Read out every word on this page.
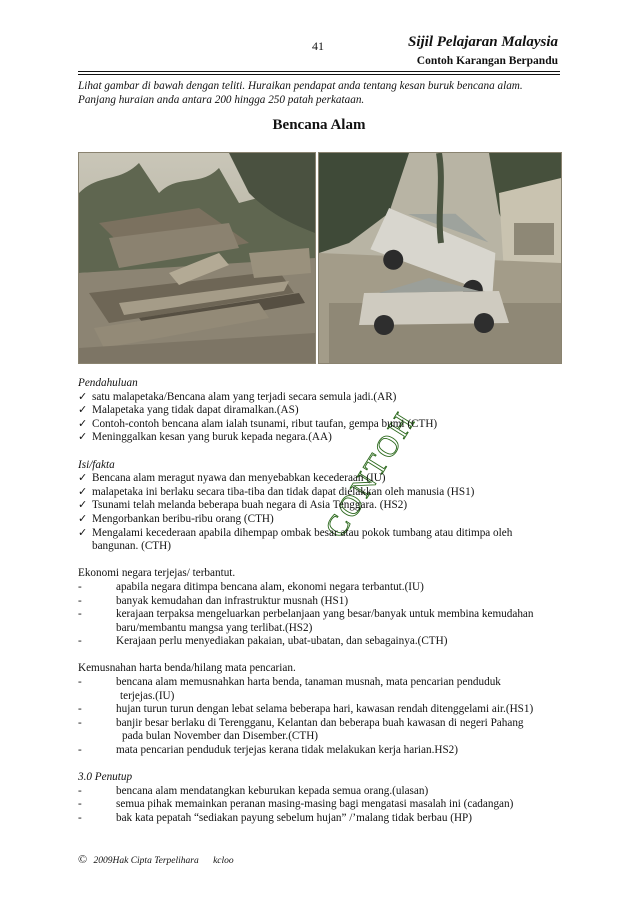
41	Sijil Pelajaran Malaysia
Contoh Karangan Berpandu
Lihat gambar di bawah dengan teliti. Huraikan pendapat anda tentang kesan buruk bencana alam.
Panjang huraian anda antara 200 hingga 250 patah perkataan.
Bencana Alam
CONTOH
Pendahuluan
✓ satu malapetaka/Bencana alam yang terjadi secara semula jadi.(AR)
✓ Malapetaka yang tidak dapat diramalkan.(AS)
✓ Contoh-contoh bencana alam ialah tsunami, ribut taufan, gempa bumi (CTH)
✓ Meninggalkan kesan yang buruk kepada negara.(AA)
Isi/fakta
✓ Bencana alam meragut nyawa dan menyebabkan kecederaan (IU)
✓ malapetaka ini berlaku secara tiba-tiba dan tidak dapat dielakkan oleh manusia (HS1)
✓ Tsunami telah melanda beberapa buah negara di Asia Tenggara. (HS2)
✓ Mengorbankan beribu-ribu orang (CTH)
✓ Mengalami kecederaan apabila dihempap ombak besar atau pokok tumbang atau ditimpa oleh
bangunan. (CTH)
Ekonomi negara terjejas/ terbantut.
-	apabila negara ditimpa bencana alam, ekonomi negara terbantut.(IU)
-	banyak kemudahan dan infrastruktur musnah (HS1)
-	kerajaan terpaksa mengeluarkan perbelanjaan yang besar/banyak untuk membina kemudahan
baru/membantu mangsa yang terlibat.(HS2)
-	Kerajaan perlu menyediakan pakaian, ubat-ubatan, dan sebagainya.(CTH)
Kemusnahan harta benda/hilang mata pencarian.
-	bencana alam memusnahkan harta benda, tanaman musnah, mata pencarian penduduk
terjejas.(IU)
-	hujan turun turun dengan lebat selama beberapa hari, kawasan rendah ditenggelami air.(HS1)
-	banjir besar berlaku di Terengganu, Kelantan dan beberapa buah kawasan di negeri Pahang
pada bulan November dan Disember.(CTH)
-	mata pencarian penduduk terjejas kerana tidak melakukan kerja harian.HS2)
3.0 Penutup
-	bencana alam mendatangkan keburukan kepada semua orang.(ulasan)
-	semua pihak memainkan peranan masing-masing bagi mengatasi masalah ini (cadangan)
-	bak kata pepatah “sediakan payung sebelum hujan” /’malang tidak berbau (HP)
© 2009Hak Cipta Terpelihara kcloo
